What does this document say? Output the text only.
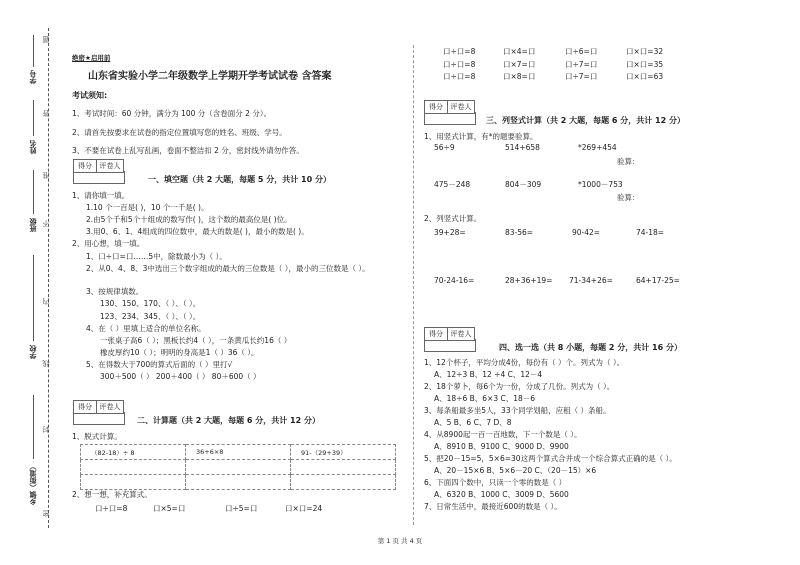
学号
姓名
班级
学校
乡镇（街道）
密
封
线
内
不
准
答
题
绝密★启用前
山东省实验小学二年级数学上学期开学考试试卷 含答案
考试须知:
1、考试时间：60 分钟，满分为 100 分（含卷面分 2 分）。
2、请首先按要求在试卷的指定位置填写您的姓名、班级、学号。
3、不要在试卷上乱写乱画，卷面不整洁扣 2 分，密封线外请勿作答。
得分	评卷人
一、填空题（共 2 大题，每题 5 分，共计 10 分）
1、请你填一填。
1.10 个一百是( )，10 个一千是( )。
2.由5个千和5个十组成的数写作( )，这个数的最高位是( )位。
3.用0、6、1、4组成的四位数中，最大的数是( )，最小的数是( )。
2、用心想，填一填。
1、口÷口=口……5中，除数最小为（ ）。
2、从0、4、8、3中选出三个数字组成的最大的三位数是（ ），最小的三位数是（ ）。
3、按规律填数。
130、150、170、（ ）、（ ）。
123、234、345、（ ）、（ ）。
4、在（ ）里填上适合的单位名称。
一张桌子高6（ ）；黑板长约4（ ），一条黄瓜长约16（ ）
橡皮厚约10（ ）；明明的身高是1（ ）36（ ）。
5、在得数大于700的算式后面的（ ）里打√
300＋500（ ） 200＋400（ ） 80＋600（ ）
得分	评卷人
二、计算题（共 2 大题，每题 6 分，共计 12 分）
1、脱式计算。
（82-18）÷ 8	36+6×8	91-（29+39）

2、想一想，补充算式。
口÷口=8	口×5=口	口÷5=口	口×口=24
口÷口=8	口×4=口	口÷6=口	口×口=32
口÷口=8	口×7=口	口÷7=口	口×口=35
口÷口=8	口×8=口	口÷7=口	口×口=63
得分	评卷人
三、列竖式计算（共 2 大题，每题 6 分，共计 12 分）
1、用竖式计算，有*的题要验算。
56÷9	514+658	*269+454
验算：
475－248	804－309	*1000－753
验算：
2、列竖式计算。
39+28=	83-56=	90-42=	74-18=
70-24-16=	28+36+19= 71-34+26=	64+17-25=
得分	评卷人
四、选一选（共 8 小题，每题 2 分，共计 16 分）
1、12个杯子，平均分成4份，每份有（ ）个。列式为（ ）。
A、12÷3 B、12 ÷4 C、12－4
2、18个萝卜，每6个为一份，分成了几份。列式为（ ）。
A、18÷6 B、6×3 C、18－6
3、每条船最多坐5人，33个同学划船，应租（ ）条船。
A、5 B、6 C、7 D、8
4、从8900起一百一百地数，下一个数是（ ）。
A、8910 B、9100 C、9000 D、9900
5、把20－15=5，5×6=30这两个算式合并成一个综合算式正确的是（ ）。
A、20－15×6 B、5×6－20 C、（20－15）×6
6、下面四个数中，只读一个零的数是（ ）
A、6320 B、1000 C、3009 D、5600
7、日常生活中，最接近600的数是（ ）。
第 1 页 共 4 页
